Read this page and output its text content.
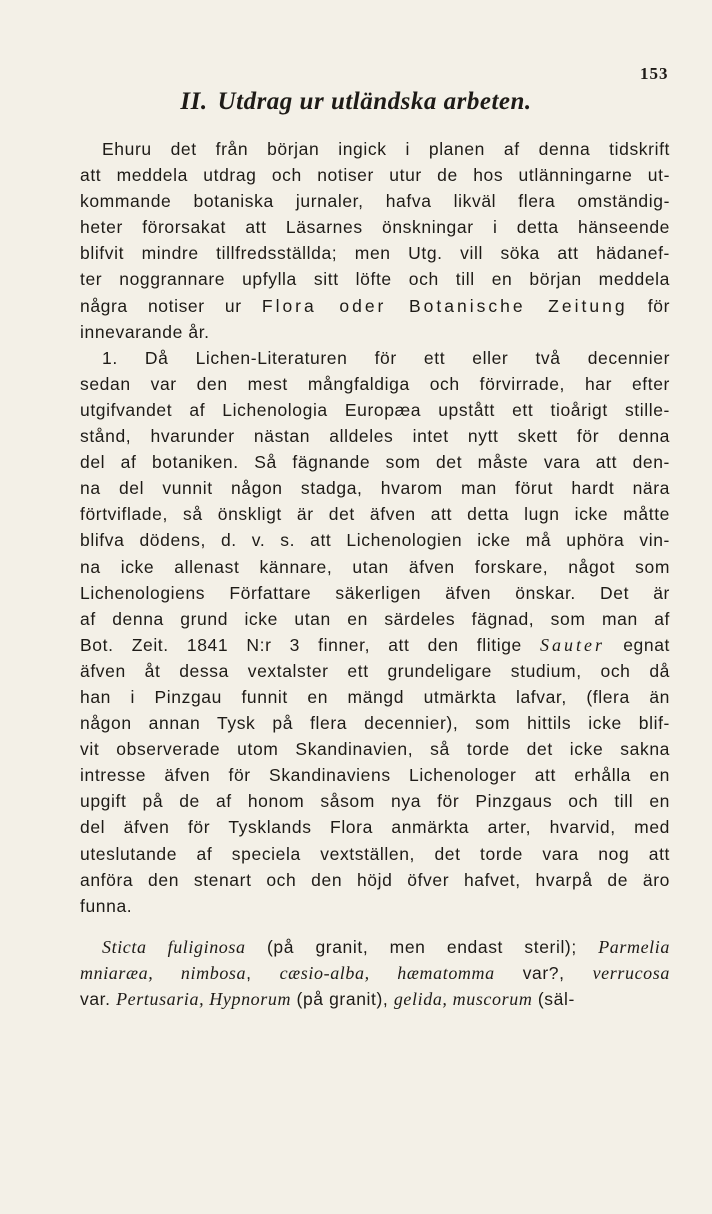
153
II. Utdrag ur utländska arbeten.
Ehuru det från början ingick i planen af denna tidskrift
att meddela utdrag och notiser utur de hos utlänningarne ut-
kommande botaniska jurnaler, hafva likväl flera omständig-
heter förorsakat att Läsarnes önskningar i detta hänseende
blifvit mindre tillfredsställda; men Utg. vill söka att hädanef-
ter noggrannare upfylla sitt löfte och till en början meddela
några notiser ur Flora oder Botanische Zeitung för
innevarande år.
1. Då Lichen-Literaturen för ett eller två decennier
sedan var den mest mångfaldiga och förvirrade, har efter
utgifvandet af Lichenologia Europæa upstått ett tioårigt stille-
stånd, hvarunder nästan alldeles intet nytt skett för denna
del af botaniken. Så fägnande som det måste vara att den-
na del vunnit någon stadga, hvarom man förut hardt nära
förtviflade, så önskligt är det äfven att detta lugn icke måtte
blifva dödens, d. v. s. att Lichenologien icke må uphöra vin-
na icke allenast kännare, utan äfven forskare, något som
Lichenologiens Författare säkerligen äfven önskar. Det är
af denna grund icke utan en särdeles fägnad, som man af
Bot. Zeit. 1841 N:r 3 finner, att den flitige Sauter egnat
äfven åt dessa vextalster ett grundeligare studium, och då
han i Pinzgau funnit en mängd utmärkta lafvar, (flera än
någon annan Tysk på flera decennier), som hittils icke blif-
vit observerade utom Skandinavien, så torde det icke sakna
intresse äfven för Skandinaviens Lichenologer att erhålla en
upgift på de af honom såsom nya för Pinzgaus och till en
del äfven för Tysklands Flora anmärkta arter, hvarvid, med
uteslutande af speciela vextställen, det torde vara nog att
anföra den stenart och den höjd öfver hafvet, hvarpå de äro
funna.
Sticta fuliginosa (på granit, men endast steril); Parmelia
mniaræa, nimbosa, cæsio-alba, hæmatomma var?, verrucosa
var. Pertusaria, Hypnorum (på granit), gelida, muscorum (säl-
